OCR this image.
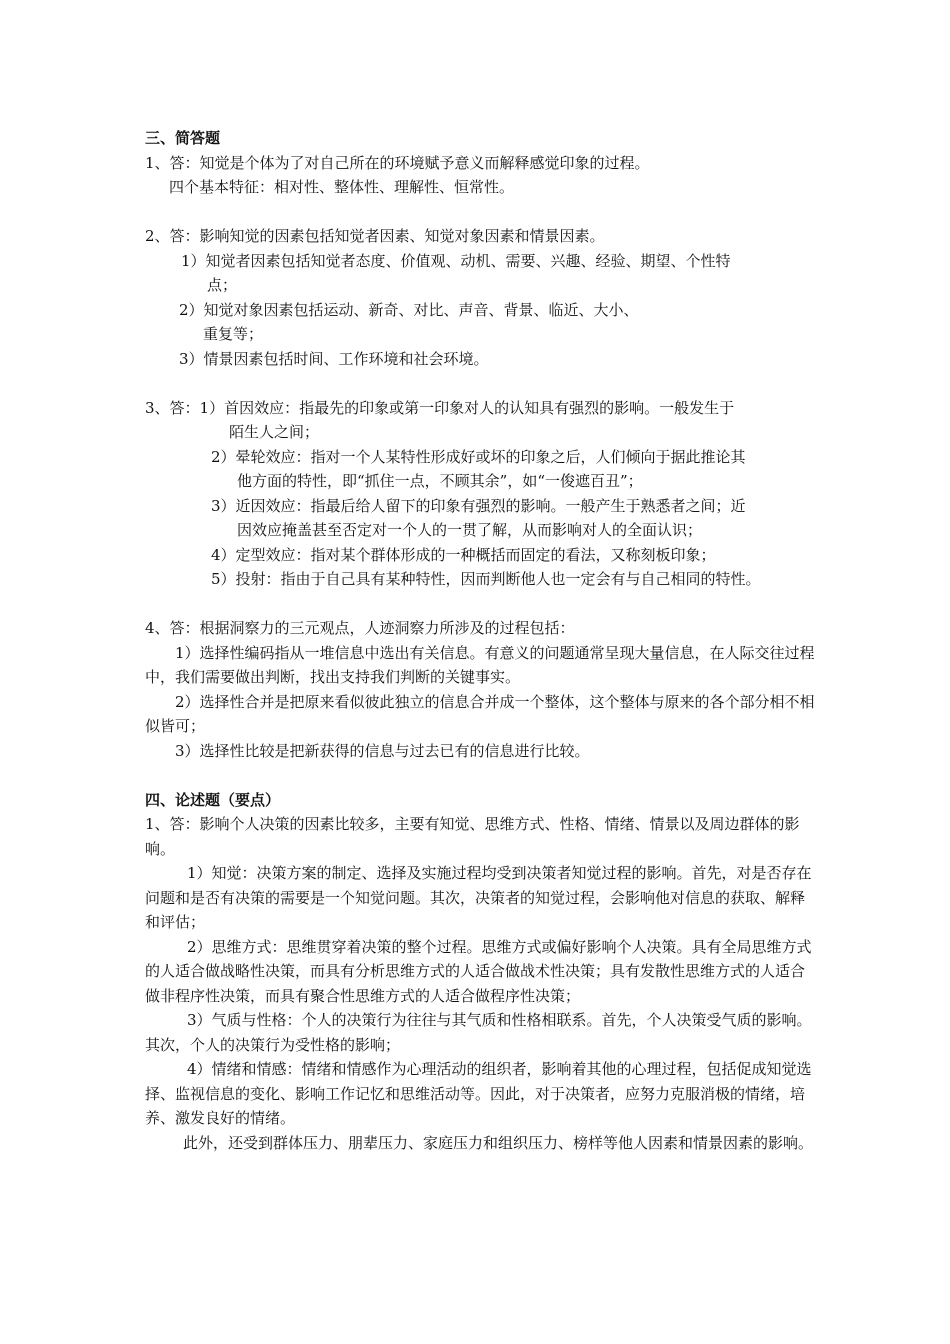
三、简答题

1、答：知觉是个体为了对自己所在的环境赋予意义而解释感觉印象的过程。

四个基本特征：相对性、整体性、理解性、恒常性。

2、答：影响知觉的因素包括知觉者因素、知觉对象因素和情景因素。

1）知觉者因素包括知觉者态度、价值观、动机、需要、兴趣、经验、期望、个性特

点；

2）知觉对象因素包括运动、新奇、对比、声音、背景、临近、大小、

重复等；

3）情景因素包括时间、工作环境和社会环境。

3、答：1）首因效应：指最先的印象或第一印象对人的认知具有强烈的影响。一般发生于

陌生人之间；

2）晕轮效应：指对一个人某特性形成好或坏的印象之后，人们倾向于据此推论其

他方面的特性，即“抓住一点，不顾其余”，如“一俊遮百丑”；

3）近因效应：指最后给人留下的印象有强烈的影响。一般产生于熟悉者之间；近

因效应掩盖甚至否定对一个人的一贯了解，从而影响对人的全面认识；

4）定型效应：指对某个群体形成的一种概括而固定的看法，又称刻板印象；

5）投射：指由于自己具有某种特性，因而判断他人也一定会有与自己相同的特性。

4、答：根据洞察力的三元观点，人迹洞察力所涉及的过程包括：

1）选择性编码指从一堆信息中选出有关信息。有意义的问题通常呈现大量信息，在人际交往过程中，我们需要做出判断，找出支持我们判断的关键事实。

2）选择性合并是把原来看似彼此独立的信息合并成一个整体，这个整体与原来的各个部分相不相似皆可；

3）选择性比较是把新获得的信息与过去已有的信息进行比较。

四、论述题（要点）

1、答：影响个人决策的因素比较多，主要有知觉、思维方式、性格、情绪、情景以及周边群体的影响。

1）知觉：决策方案的制定、选择及实施过程均受到决策者知觉过程的影响。首先，对是否存在问题和是否有决策的需要是一个知觉问题。其次，决策者的知觉过程，会影响他对信息的获取、解释和评估；

2）思维方式：思维贯穿着决策的整个过程。思维方式或偏好影响个人决策。具有全局思维方式的人适合做战略性决策，而具有分析思维方式的人适合做战术性决策；具有发散性思维方式的人适合做非程序性决策，而具有聚合性思维方式的人适合做程序性决策；

3）气质与性格：个人的决策行为往往与其气质和性格相联系。首先，个人决策受气质的影响。其次，个人的决策行为受性格的影响；

4）情绪和情感：情绪和情感作为心理活动的组织者，影响着其他的心理过程，包括促成知觉选择、监视信息的变化、影响工作记忆和思维活动等。因此，对于决策者，应努力克服消极的情绪，培养、激发良好的情绪。

此外，还受到群体压力、朋辈压力、家庭压力和组织压力、榜样等他人因素和情景因素的影响。
